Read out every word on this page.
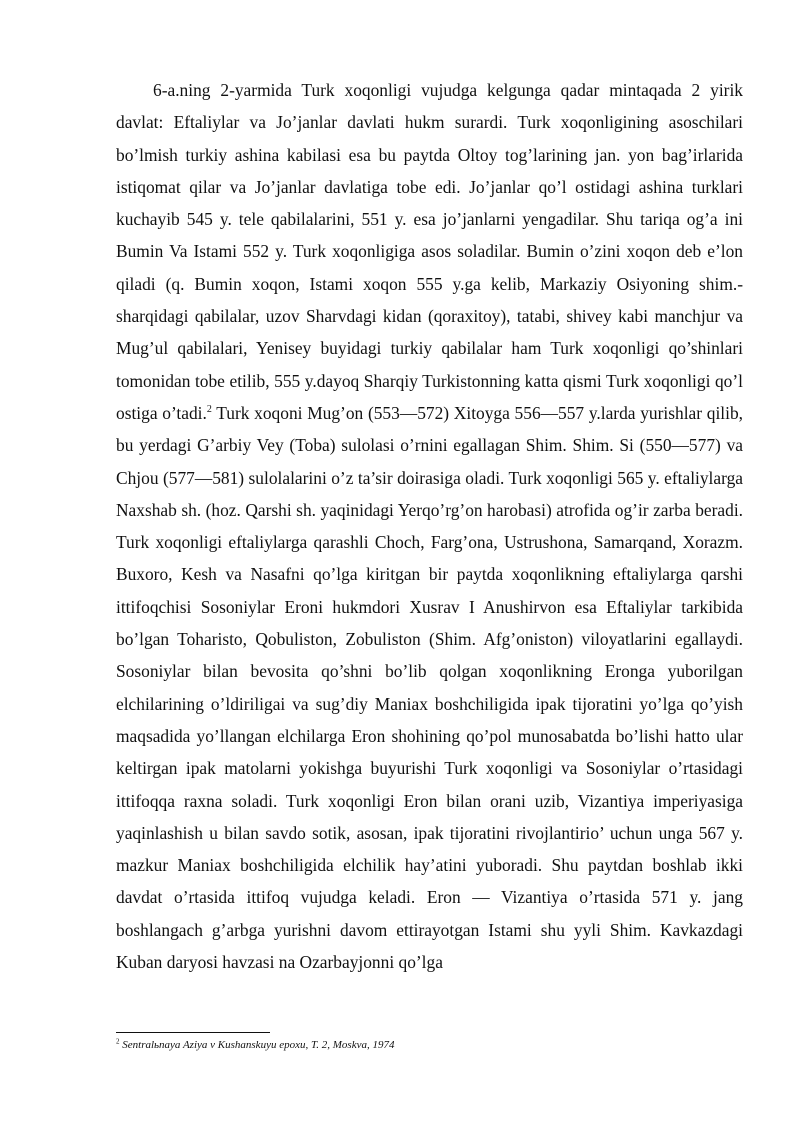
6-a.ning 2-yarmida Turk xoqonligi vujudga kelgunga qadar mintaqada 2 yirik davlat: Eftaliylar va Jo’janlar davlati hukm surardi. Turk xoqonligining asoschilari bo’lmish turkiy ashina kabilasi esa bu paytda Oltoy tog’larining jan. yon bag’irlarida istiqomat qilar va Jo’janlar davlatiga tobe edi. Jo’janlar qo’l ostidagi ashina turklari kuchayib 545 y. tele qabilalarini, 551 y. esa jo’janlarni yengadilar. Shu tariqa og’a ini Bumin Va Istami 552 y. Turk xoqonligiga asos soladilar. Bumin o’zini xoqon deb e’lon qiladi (q. Bumin xoqon, Istami xoqon 555 y.ga kelib, Markaziy Osiyoning shim.-sharqidagi qabilalar, uzov Sharvdagi kidan (qoraxitoy), tatabi, shivey kabi manchjur va Mug’ul qabilalari, Yenisey buyidagi turkiy qabilalar ham Turk xoqonligi qo’shinlari tomonidan tobe etilib, 555 y.dayoq Sharqiy Turkistonning katta qismi Turk xoqonligi qo’l ostiga o’tadi.$^2$ Turk xoqoni Mug’on (553—572) Xitoyga 556—557 y.larda yurishlar qilib, bu yerdagi G’arbiy Vey (Toba) sulolasi o’rnini egallagan Shim. Shim. Si (550—577) va Chjou (577—581) sulolalarini o’z ta’sir doirasiga oladi. Turk xoqonligi 565 y. eftaliylarga Naxshab sh. (hoz. Qarshi sh. yaqinidagi Yerqo’rg’on harobasi) atrofida og’ir zarba beradi. Turk xoqonligi eftaliylarga qarashli Choch, Farg’ona, Ustrushona, Samarqand, Xorazm. Buxoro, Kesh va Nasafni qo’lga kiritgan bir paytda xoqonlikning eftaliylarga qarshi ittifoqchisi Sosoniylar Eroni hukmdori Xusrav I Anushirvon esa Eftaliylar tarkibida bo’lgan Toharisto, Qobuliston, Zobuliston (Shim. Afg’oniston) viloyatlarini egallaydi. Sosoniylar bilan bevosita qo’shni bo’lib qolgan xoqonlikning Eronga yuborilgan elchilarining o’ldiriligai va sug’diy Maniax boshchiligida ipak tijoratini yo’lga qo’yish maqsadida yo’llangan elchilarga Eron shohining qo’pol munosabatda bo’lishi hatto ular keltirgan ipak matolarni yokishga buyurishi Turk xoqonligi va Sosoniylar o’rtasidagi ittifoqqa raxna soladi. Turk xoqonligi Eron bilan orani uzib, Vizantiya imperiyasiga yaqinlashish u bilan savdo sotik, asosan, ipak tijoratini rivojlantirio’ uchun unga 567 y. mazkur Maniax boshchiligida elchilik hay’atini yuboradi. Shu paytdan boshlab ikki davdat o’rtasida ittifoq vujudga keladi. Eron — Vizantiya o’rtasida 571 y. jang boshlangach g’arbga yurishni davom ettirayotgan Istami shu yyli Shim. Kavkazdagi Kuban daryosi havzasi na Ozarbayjonni qo’lga

$^2$ Sentralьnaya Aziya v Kushanskuyu epoxu, T. 2, Moskva, 1974
